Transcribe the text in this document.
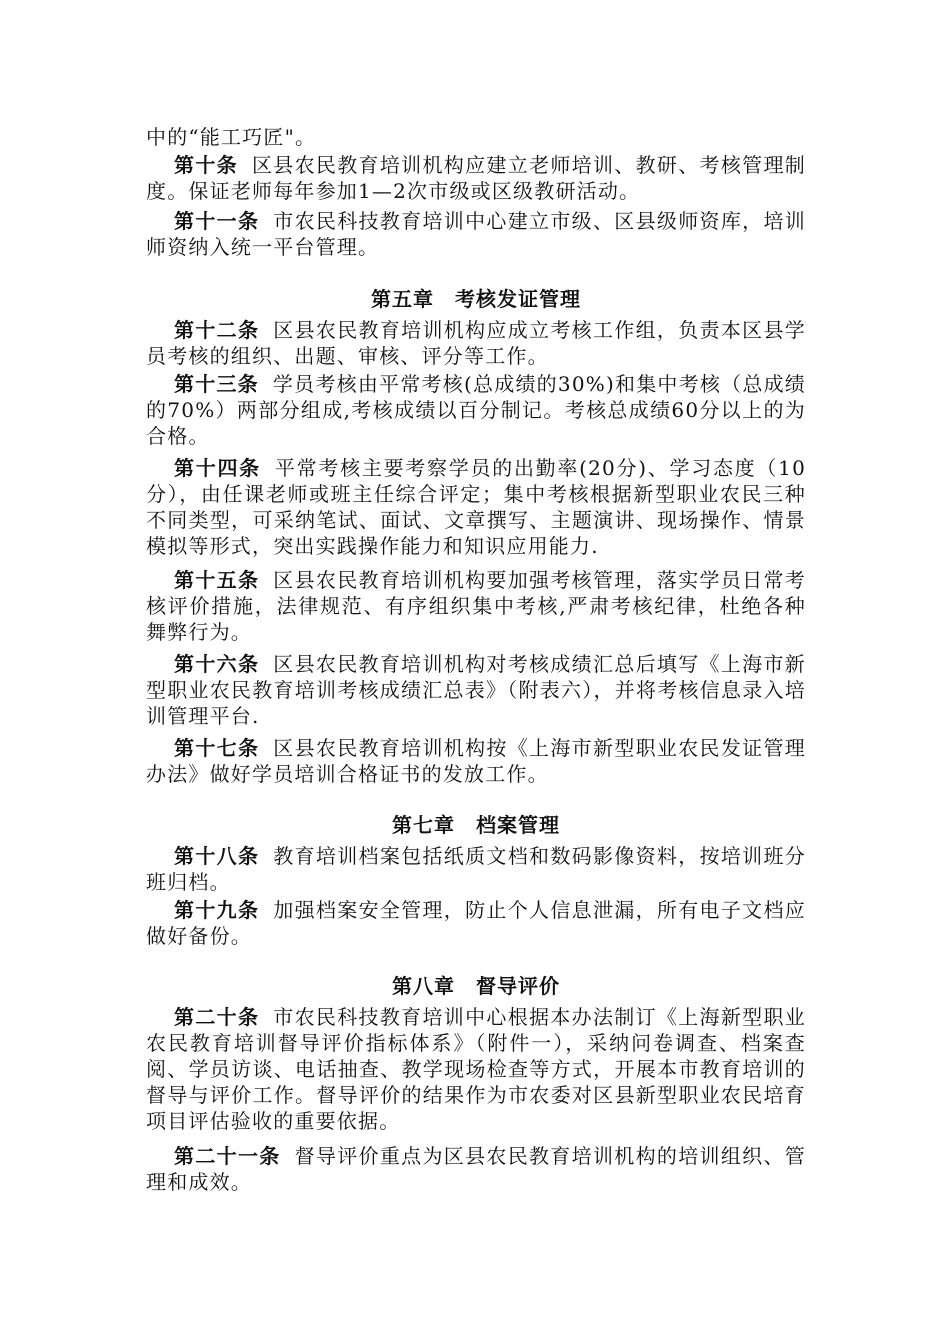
中的“能工巧匠"。
第十条 区县农民教育培训机构应建立老师培训、教研、考核管理制度。保证老师每年参加1—2次市级或区级教研活动。
第十一条 市农民科技教育培训中心建立市级、区县级师资库，培训师资纳入统一平台管理。
第五章　考核发证管理
第十二条 区县农民教育培训机构应成立考核工作组，负责本区县学员考核的组织、出题、审核、评分等工作。
第十三条 学员考核由平常考核(总成绩的30%)和集中考核（总成绩的70%）两部分组成,考核成绩以百分制记。考核总成绩60分以上的为合格。
第十四条 平常考核主要考察学员的出勤率(20分)、学习态度（10分），由任课老师或班主任综合评定；集中考核根据新型职业农民三种不同类型，可采纳笔试、面试、文章撰写、主题演讲、现场操作、情景模拟等形式，突出实践操作能力和知识应用能力.
第十五条 区县农民教育培训机构要加强考核管理，落实学员日常考核评价措施，法律规范、有序组织集中考核,严肃考核纪律，杜绝各种舞弊行为。
第十六条 区县农民教育培训机构对考核成绩汇总后填写《上海市新型职业农民教育培训考核成绩汇总表》（附表六），并将考核信息录入培训管理平台.
第十七条 区县农民教育培训机构按《上海市新型职业农民发证管理办法》做好学员培训合格证书的发放工作。
第七章　档案管理
第十八条 教育培训档案包括纸质文档和数码影像资料，按培训班分班归档。
第十九条 加强档案安全管理，防止个人信息泄漏，所有电子文档应做好备份。
第八章　督导评价
第二十条 市农民科技教育培训中心根据本办法制订《上海新型职业农民教育培训督导评价指标体系》（附件一），采纳问卷调查、档案查阅、学员访谈、电话抽查、教学现场检查等方式，开展本市教育培训的督导与评价工作。督导评价的结果作为市农委对区县新型职业农民培育项目评估验收的重要依据。
第二十一条 督导评价重点为区县农民教育培训机构的培训组织、管理和成效。
